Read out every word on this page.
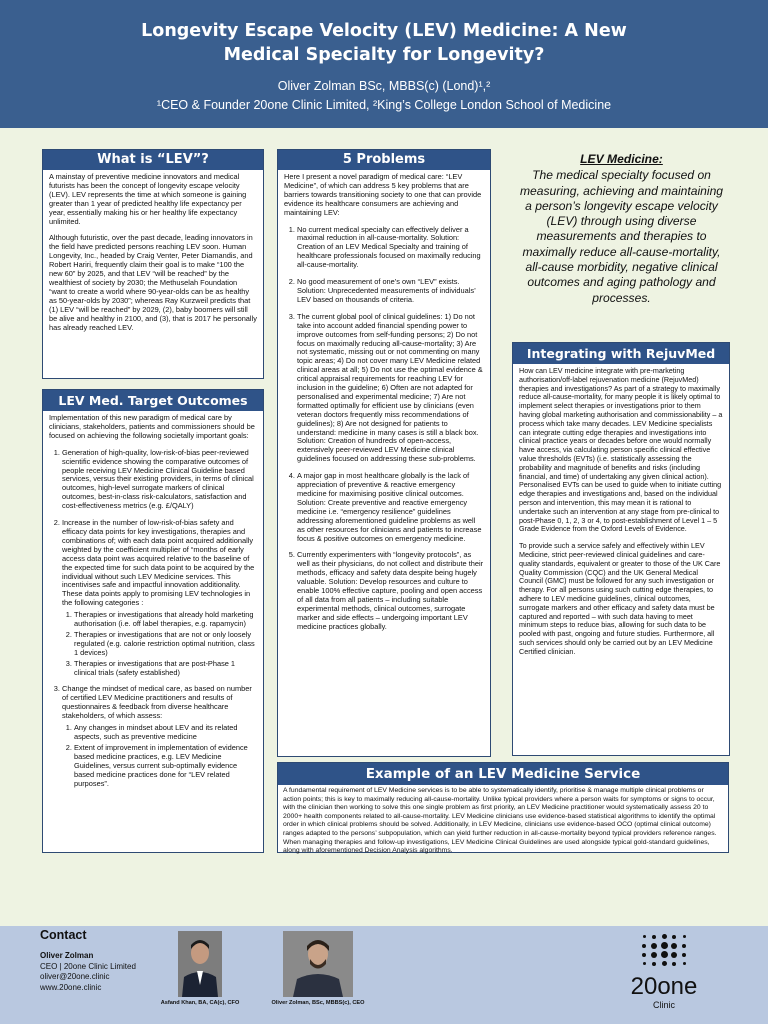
Longevity Escape Velocity (LEV) Medicine: A New
Medical Specialty for Longevity?
Oliver Zolman BSc, MBBS(c) (Lond)¹,²
¹CEO & Founder 20one Clinic Limited, ²King’s College London School of Medicine
What is “LEV”?

A mainstay of preventive medicine innovators and medical futurists has been the concept of longevity escape velocity (LEV). LEV represents the time at which someone is gaining greater than 1 year of predicted healthy life expectancy per year, essentially making his or her healthy life expectancy unlimited.

Although futuristic, over the past decade, leading innovators in the field have predicted persons reaching LEV soon. Human Longevity, Inc., headed by Craig Venter, Peter Diamandis, and Robert Hariri, frequently claim their goal is to make “100 the new 60” by 2025, and that LEV “will be reached” by the wealthiest of society by 2030; the Methuselah Foundation “want to create a world where 90-year-olds can be as healthy as 50-year-olds by 2030”; whereas Ray Kurzweil predicts that (1) LEV “will be reached” by 2029, (2), baby boomers will still be alive and healthy in 2100, and (3), that is 2017 he personally has already reached LEV.

LEV Med. Target Outcomes

Implementation of this new paradigm of medical care by clinicians, stakeholders, patients and commissioners should be focused on achieving the following societally important goals:

1. Generation of high-quality, low-risk-of-bias peer-reviewed scientific evidence showing the comparative outcomes of people receiving LEV Medicine Clinical Guideline based services, versus their existing providers, in terms of clinical outcomes, high-level surrogate markers of clinical outcomes, best-in-class risk-calculators, satisfaction and cost-effectiveness metrics (e.g. £/QALY)
2. Increase in the number of low-risk-of-bias safety and efficacy data points for key investigations, therapies and combinations of; with each data point acquired additionally weighted by the coefficient multiplier of “months of early access data point was acquired relative to the baseline of the expected time for such data point to be acquired by the individual without such LEV Medicine services. This incentivises safe and impactful innovation additionality. These data points apply to promising LEV technologies in the following categories :
1. Therapies or investigations that already hold marketing authorisation (i.e. off label therapies, e.g. rapamycin)
2. Therapies or investigations that are not or only loosely regulated (e.g. calorie restriction optimal nutrition, class 1 devices)
3. Therapies or investigations that are post-Phase 1 clinical trials (safety established)
3. Change the mindset of medical care, as based on number of certified LEV Medicine practitioners and results of questionnaires & feedback from diverse healthcare stakeholders, of which assess:
1. Any changes in mindset about LEV and its related aspects, such as preventive medicine
2. Extent of improvement in implementation of evidence based medicine practices, e.g. LEV Medicine Guidelines, versus current sub-optimally evidence based medicine practices done for “LEV related purposes”.
5 Problems

Here I present a novel paradigm of medical care: “LEV Medicine”, of which can address 5 key problems that are barriers towards transitioning society to one that can provide evidence its healthcare consumers are achieving and maintaining LEV:

1. No current medical specialty can effectively deliver a maximal reduction in all-cause-mortality. Solution: Creation of an LEV Medical Specialty and training of healthcare professionals focused on maximally reducing all-cause-mortality.
2. No good measurement of one’s own “LEV” exists. Solution: Unprecedented measurements of individuals’ LEV based on thousands of criteria.
3. The current global pool of clinical guidelines: 1) Do not take into account added financial spending power to improve outcomes from self-funding persons; 2) Do not focus on maximally reducing all-cause-mortality; 3) Are not systematic, missing out or not commenting on many topic areas; 4) Do not cover many LEV Medicine related clinical areas at all; 5) Do not use the optimal evidence & critical appraisal requirements for reaching LEV for inclusion in the guideline; 6) Often are not adapted for personalised and experimental medicine; 7) Are not formatted optimally for efficient use by clinicians (even veteran doctors frequently miss recommendations of guidelines); 8) Are not designed for patients to understand: medicine in many cases is still a black box. Solution: Creation of hundreds of open-access, extensively peer-reviewed LEV Medicine clinical guidelines focused on addressing these sub-problems.
4. A major gap in most healthcare globally is the lack of appreciation of preventive & reactive emergency medicine for maximising positive clinical outcomes. Solution: Create preventive and reactive emergency medicine i.e. “emergency resilience” guidelines addressing aforementioned guideline problems as well as other resources for clinicians and patients to increase focus & positive outcomes on emergency medicine.
5. Currently experimenters with “longevity protocols”, as well as their physicians, do not collect and distribute their methods, efficacy and safety data despite being hugely valuable. Solution: Develop resources and culture to enable 100% effective capture, pooling and open access of all data from all patients – including suitable experimental methods, clinical outcomes, surrogate marker and side effects – undergoing important LEV medicine practices globally.
LEV Medicine:
The medical specialty focused on measuring, achieving and maintaining a person’s longevity escape velocity (LEV) through using diverse measurements and therapies to maximally reduce all-cause-mortality, all-cause morbidity, negative clinical outcomes and aging pathology and processes.
Integrating with RejuvMed

How can LEV medicine integrate with pre-marketing authorisation/off-label rejuvenation medicine (RejuvMed) therapies and investigations? As part of a strategy to maximally reduce all-cause-mortality, for many people it is likely optimal to implement select therapies or investigations prior to them having global marketing authorisation and commissionability – a process which take many decades. LEV Medicine specialists can integrate cutting edge therapies and investigations into clinical practice years or decades before one would normally have access, via calculating person specific clinical effective value thresholds (EVTs) (i.e. statistically assessing the probability and magnitude of benefits and risks (including financial, and time) of undertaking any given clinical action). Personalised EVTs can be used to guide when to initiate cutting edge therapies and investigations and, based on the individual person and intervention, this may mean it is rational to undertake such an intervention at any stage from pre-clinical to post-Phase 0, 1, 2, 3 or 4, to post-establishment of Level 1 – 5 Grade Evidence from the Oxford Levels of Evidence.

To provide such a service safely and effectively within LEV Medicine, strict peer-reviewed clinical guidelines and care-quality standards, equivalent or greater to those of the UK Care Quality Commission (CQC) and the UK General Medical Council (GMC) must be followed for any such investigation or therapy. For all persons using such cutting edge therapies, to adhere to LEV medicine guidelines, clinical outcomes, surrogate markers and other efficacy and safety data must be captured and reported – with such data having to meet minimum steps to reduce bias, allowing for such data to be pooled with past, ongoing and future studies. Furthermore, all such services should only be carried out by an LEV Medicine Certified clinician.

Example of an LEV Medicine Service
A fundamental requirement of LEV Medicine services is to be able to systematically identify, prioritise & manage multiple clinical problems or action points; this is key to maximally reducing all-cause-mortality. Unlike typical providers where a person waits for symptoms or signs to occur, with the clinician then working to solve this one single problem as first priority, an LEV Medicine practitioner would systematically assess 20 to 2000+ health components related to all-cause-mortality. LEV Medicine clinicians use evidence-based statistical algorithms to identify the optimal order in which clinical problems should be solved. Additionally, in LEV Medicine, clinicians use evidence-based OCO (optimal clinical outcome) ranges adapted to the persons’ subpopulation, which can yield further reduction in all-cause-mortality beyond typical providers reference ranges. When managing therapies and follow-up investigations, LEV Medicine Clinical Guidelines are used alongside typical gold-standard guidelines, along with aforementioned Decision Analysis algorithms.
Contact
Oliver Zolman
CEO | 20one Clinic Limited
oliver@20one.clinic
www.20one.clinic
Asfand Khan, BA, CA(c), CFO	Oliver Zolman, BSc, MBBS(c), CEO
20one
Clinic
